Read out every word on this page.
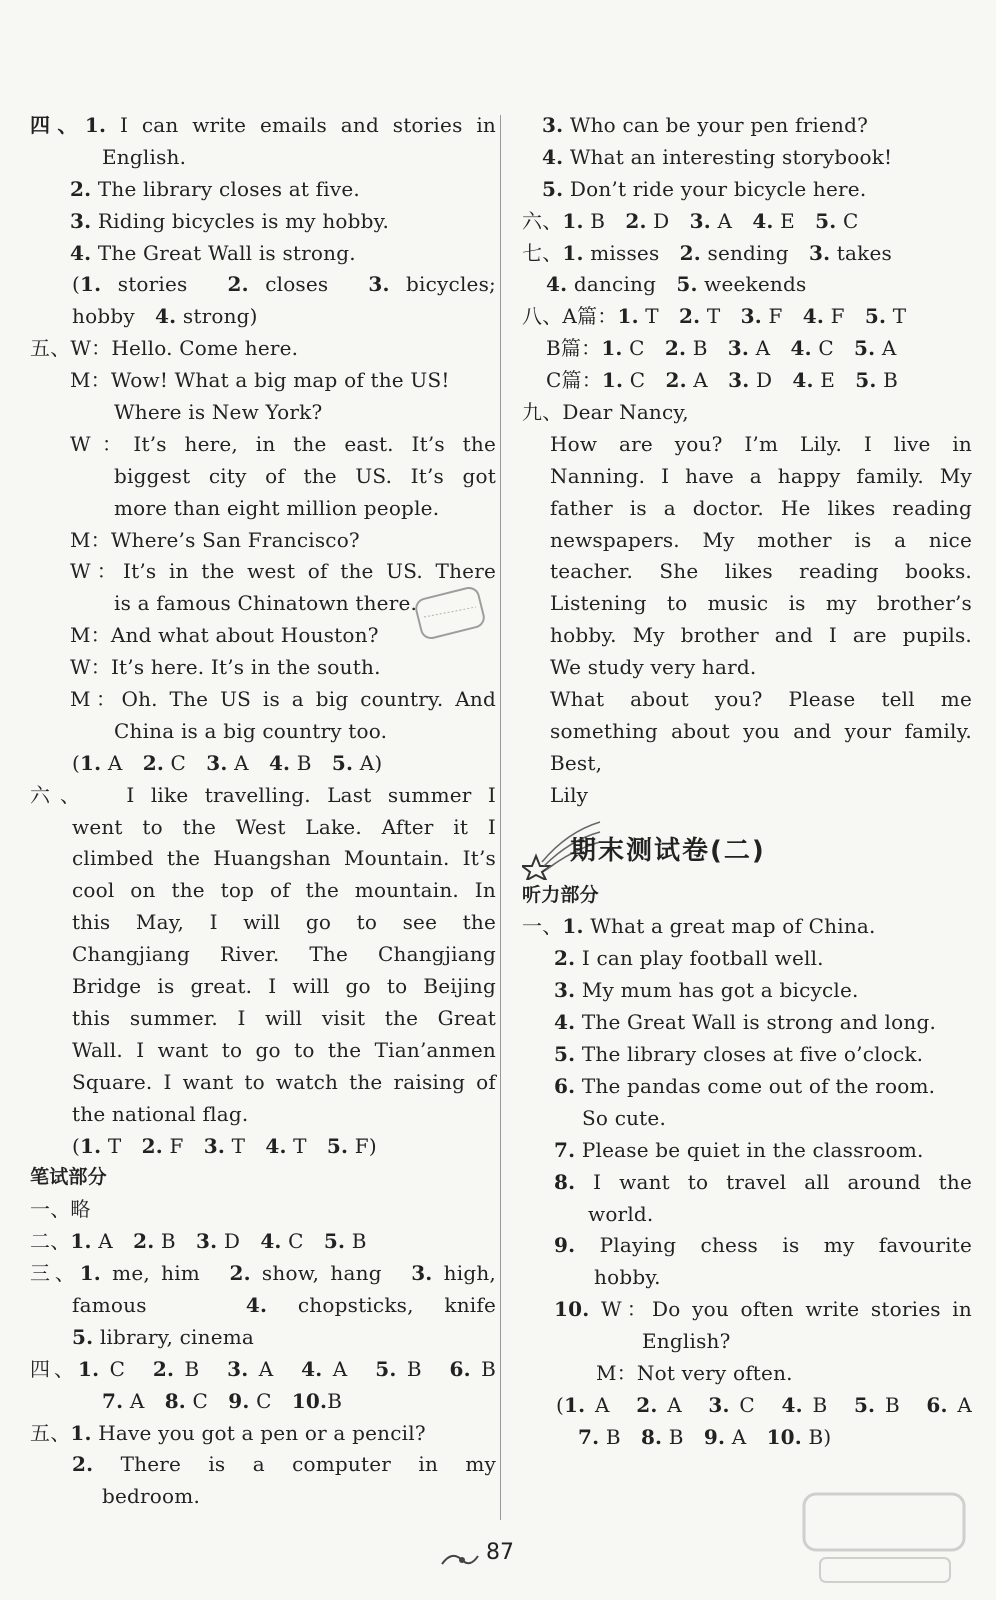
四、1. I can write emails and stories in
English.
2. The library closes at five.
3. Riding bicycles is my hobby.
4. The Great Wall is strong.
(1. stories　2. closes　3. bicycles;
hobby　4. strong)
五、W：Hello. Come here.
M：Wow! What a big map of the US!
Where is New York?
W：It’s here, in the east. It’s the
biggest city of the US. It’s got
more than eight million people.
M：Where’s San Francisco?
W：It’s in the west of the US. There
is a famous Chinatown there.
M：And what about Houston?
W：It’s here. It’s in the south.
M：Oh. The US is a big country. And
China is a big country too.
(1. A　2. C　3. A　4. B　5. A)
六、　 I like travelling. Last summer I
went to the West Lake. After it I
climbed the Huangshan Mountain. It’s
cool on the top of the mountain. In
this May, I will go to see the
Changjiang River. The Changjiang
Bridge is great. I will go to Beijing
this summer. I will visit the Great
Wall. I want to go to the Tian’anmen
Square. I want to watch the raising of
the national flag.
(1. T　2. F　3. T　4. T　5. F)
笔试部分
一、略
二、1. A　2. B　3. D　4. C　5. B
三、1. me, him　2. show, hang　3. high,
famous　 4. chopsticks, knife
5. library, cinema
四、1. C　2. B　3. A　4. A　5. B　6. B
7. A　8. C　9. C　10.B
五、1. Have you got a pen or a pencil?
2. There is a computer in my
bedroom.
3. Who can be your pen friend?
4. What an interesting storybook!
5. Don’t ride your bicycle here.
六、1. B　2. D　3. A　4. E　5. C
七、1. misses　2. sending　3. takes
4. dancing　5. weekends
八、A篇：1. T　2. T　3. F　4. F　5. T
B篇：1. C　2. B　3. A　4. C　5. A
C篇：1. C　2. A　3. D　4. E　5. B
九、Dear Nancy,
How are you? I’m Lily. I live in
Nanning. I have a happy family. My
father is a doctor. He likes reading
newspapers. My mother is a nice
teacher. She likes reading books.
Listening to music is my brother’s
hobby. My brother and I are pupils.
We study very hard.
What about you? Please tell me
something about you and your family.
Best,
Lily
期末测试卷(二)
听力部分
一、1. What a great map of China.
2. I can play football well.
3. My mum has got a bicycle.
4. The Great Wall is strong and long.
5. The library closes at five o’clock.
6. The pandas come out of the room.
So cute.
7. Please be quiet in the classroom.
8. I want to travel all around the
world.
9. Playing chess is my favourite
hobby.
10. W：Do you often write stories in
English?
M：Not very often.
(1. A　2. A　3. C　4. B　5. B　6. A
7. B　8. B　9. A　10. B)
87
